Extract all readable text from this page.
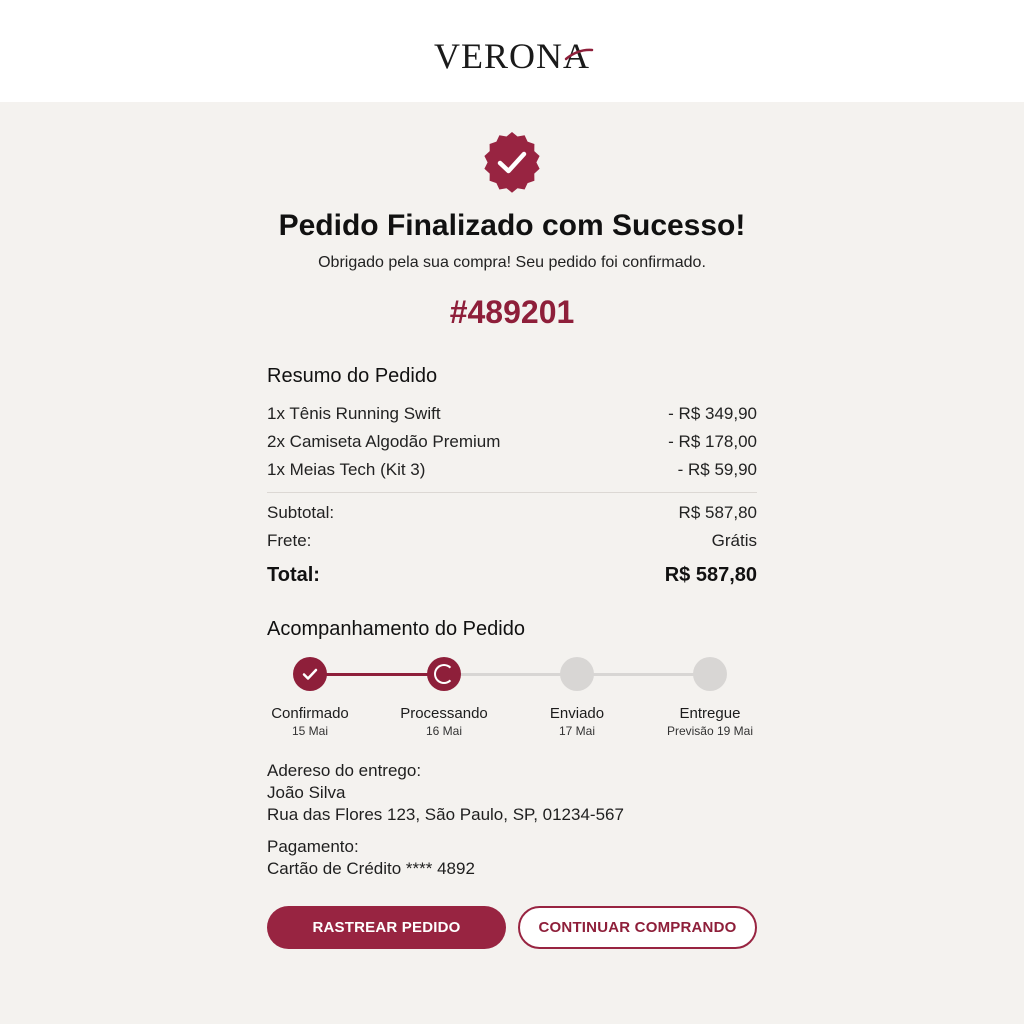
VERONA
Pedido Finalizado com Sucesso!
Obrigado pela sua compra! Seu pedido foi confirmado.
#489201
Resumo do Pedido
1x Tênis Running Swift	- R$ 349,90
2x Camiseta Algodão Premium	- R$ 178,00
1x Meias Tech (Kit 3)	- R$ 59,90
Subtotal:	R$ 587,80
Frete:	Grátis
Total:	R$ 587,80
Acompanhamento do Pedido
Confirmado
15 Mai
Processando
16 Mai
Enviado
17 Mai
Entregue
Previsão 19 Mai
Adereso do entrego:
João Silva
Rua das Flores 123, São Paulo, SP, 01234-567
Pagamento:
Cartão de Crédito **** 4892
RASTREAR PEDIDO	CONTINUAR COMPRANDO
